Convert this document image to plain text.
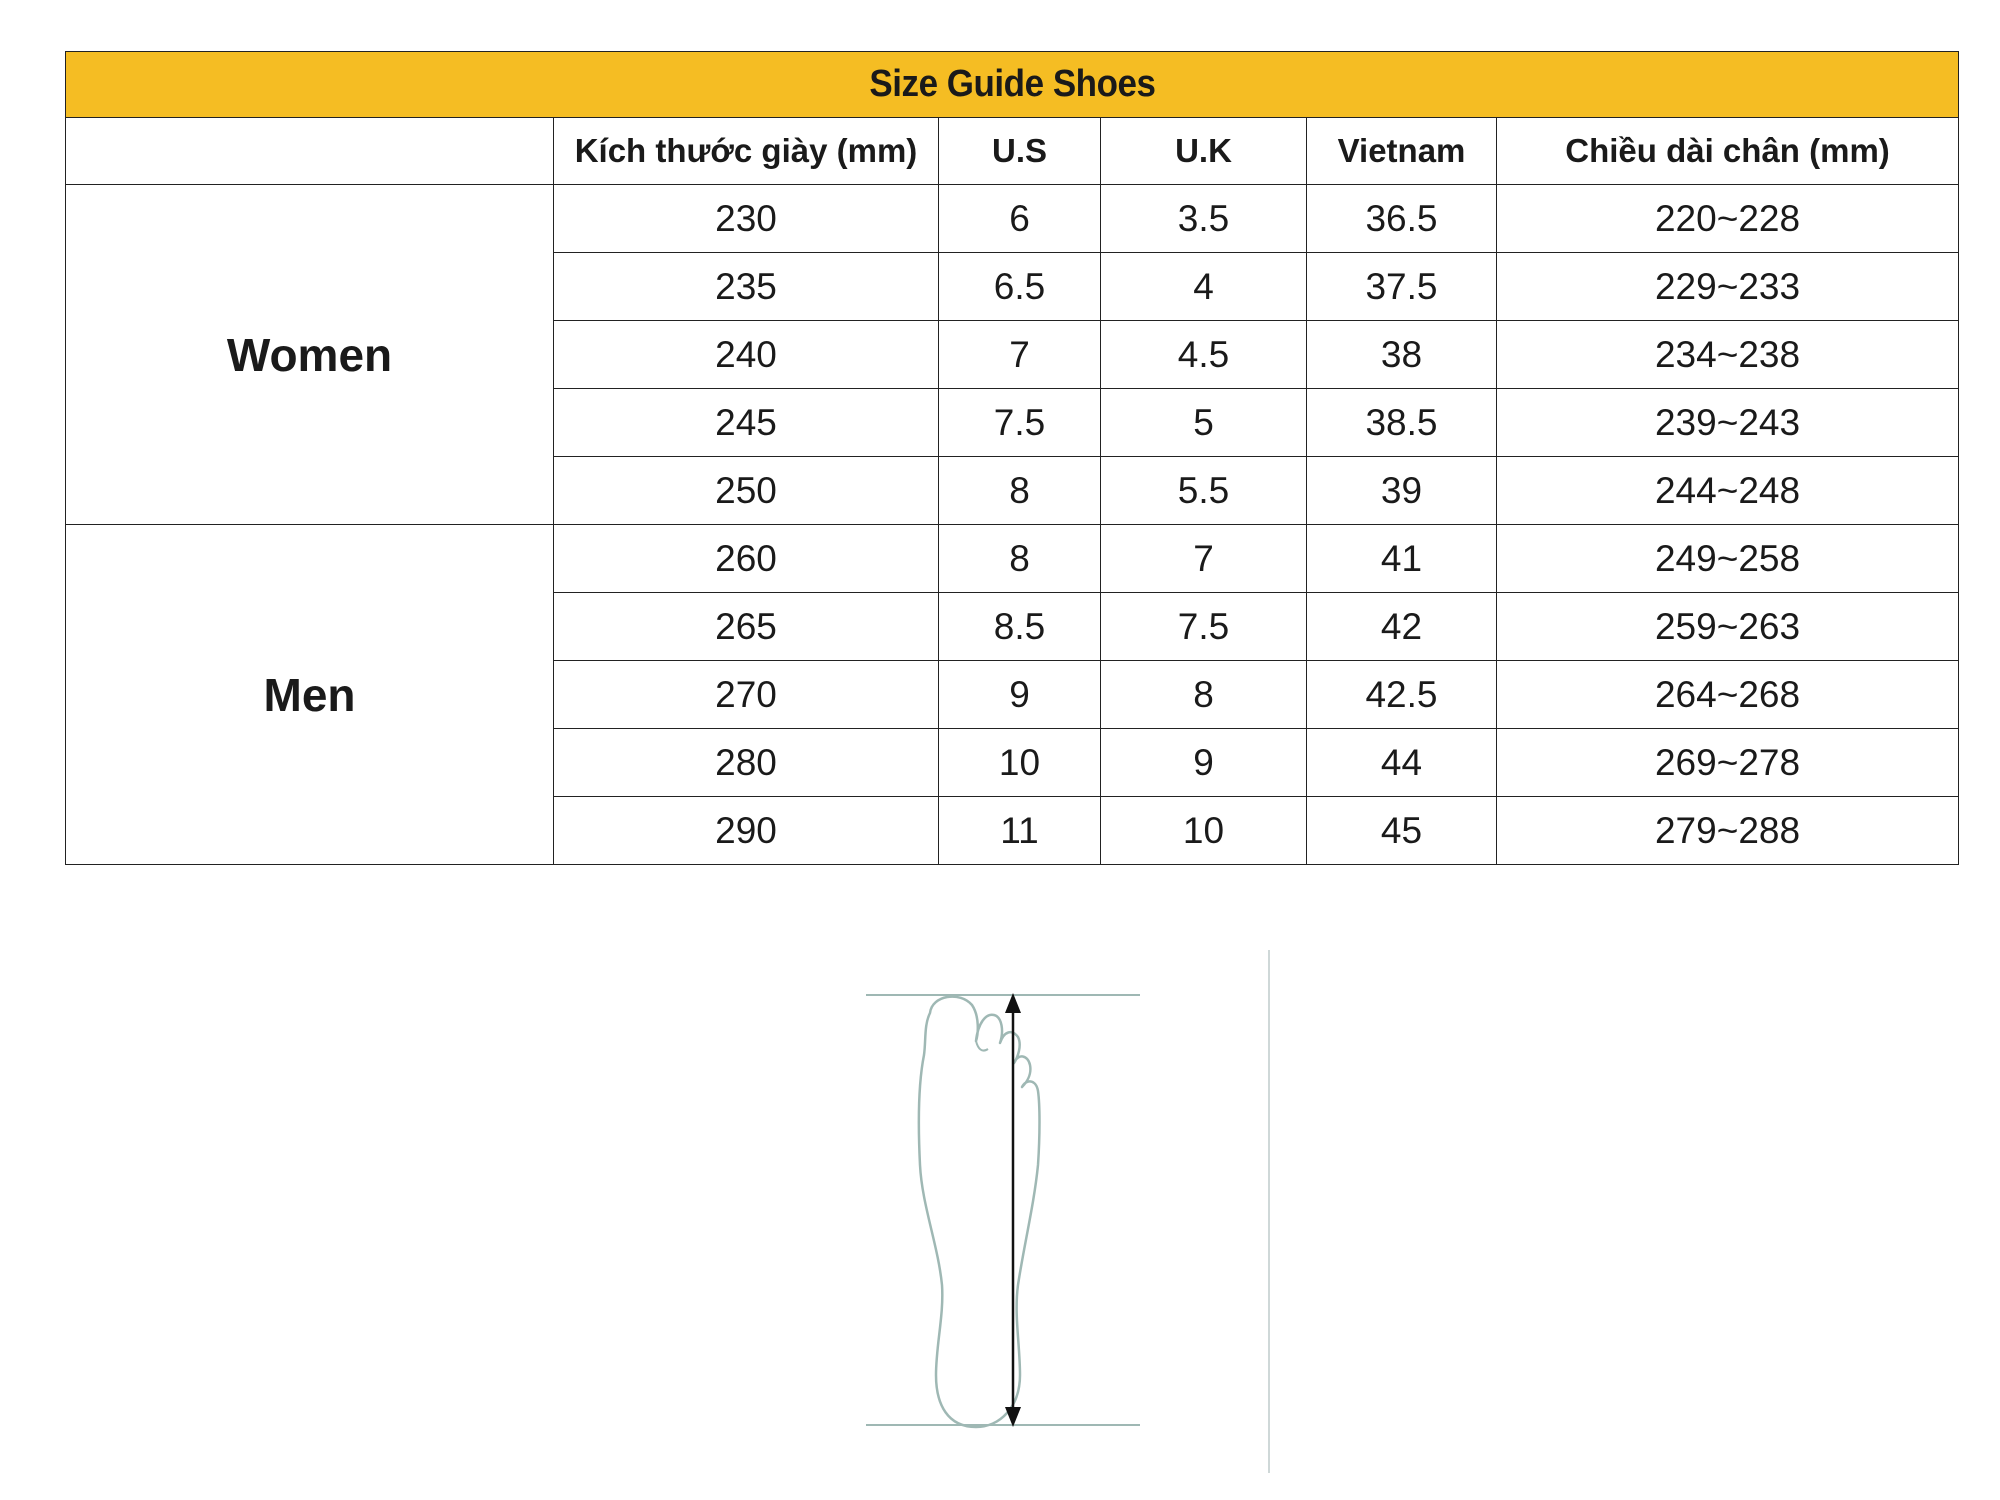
Size Guide Shoes					
	Kích thước giày (mm)	U.S	U.K	Vietnam	Chiều dài chân (mm)
Women	230	6	3.5	36.5	220~228
	235	6.5	4	37.5	229~233
	240	7	4.5	38	234~238
	245	7.5	5	38.5	239~243
	250	8	5.5	39	244~248
Men	260	8	7	41	249~258
	265	8.5	7.5	42	259~263
	270	9	8	42.5	264~268
	280	10	9	44	269~278
	290	11	10	45	279~288
